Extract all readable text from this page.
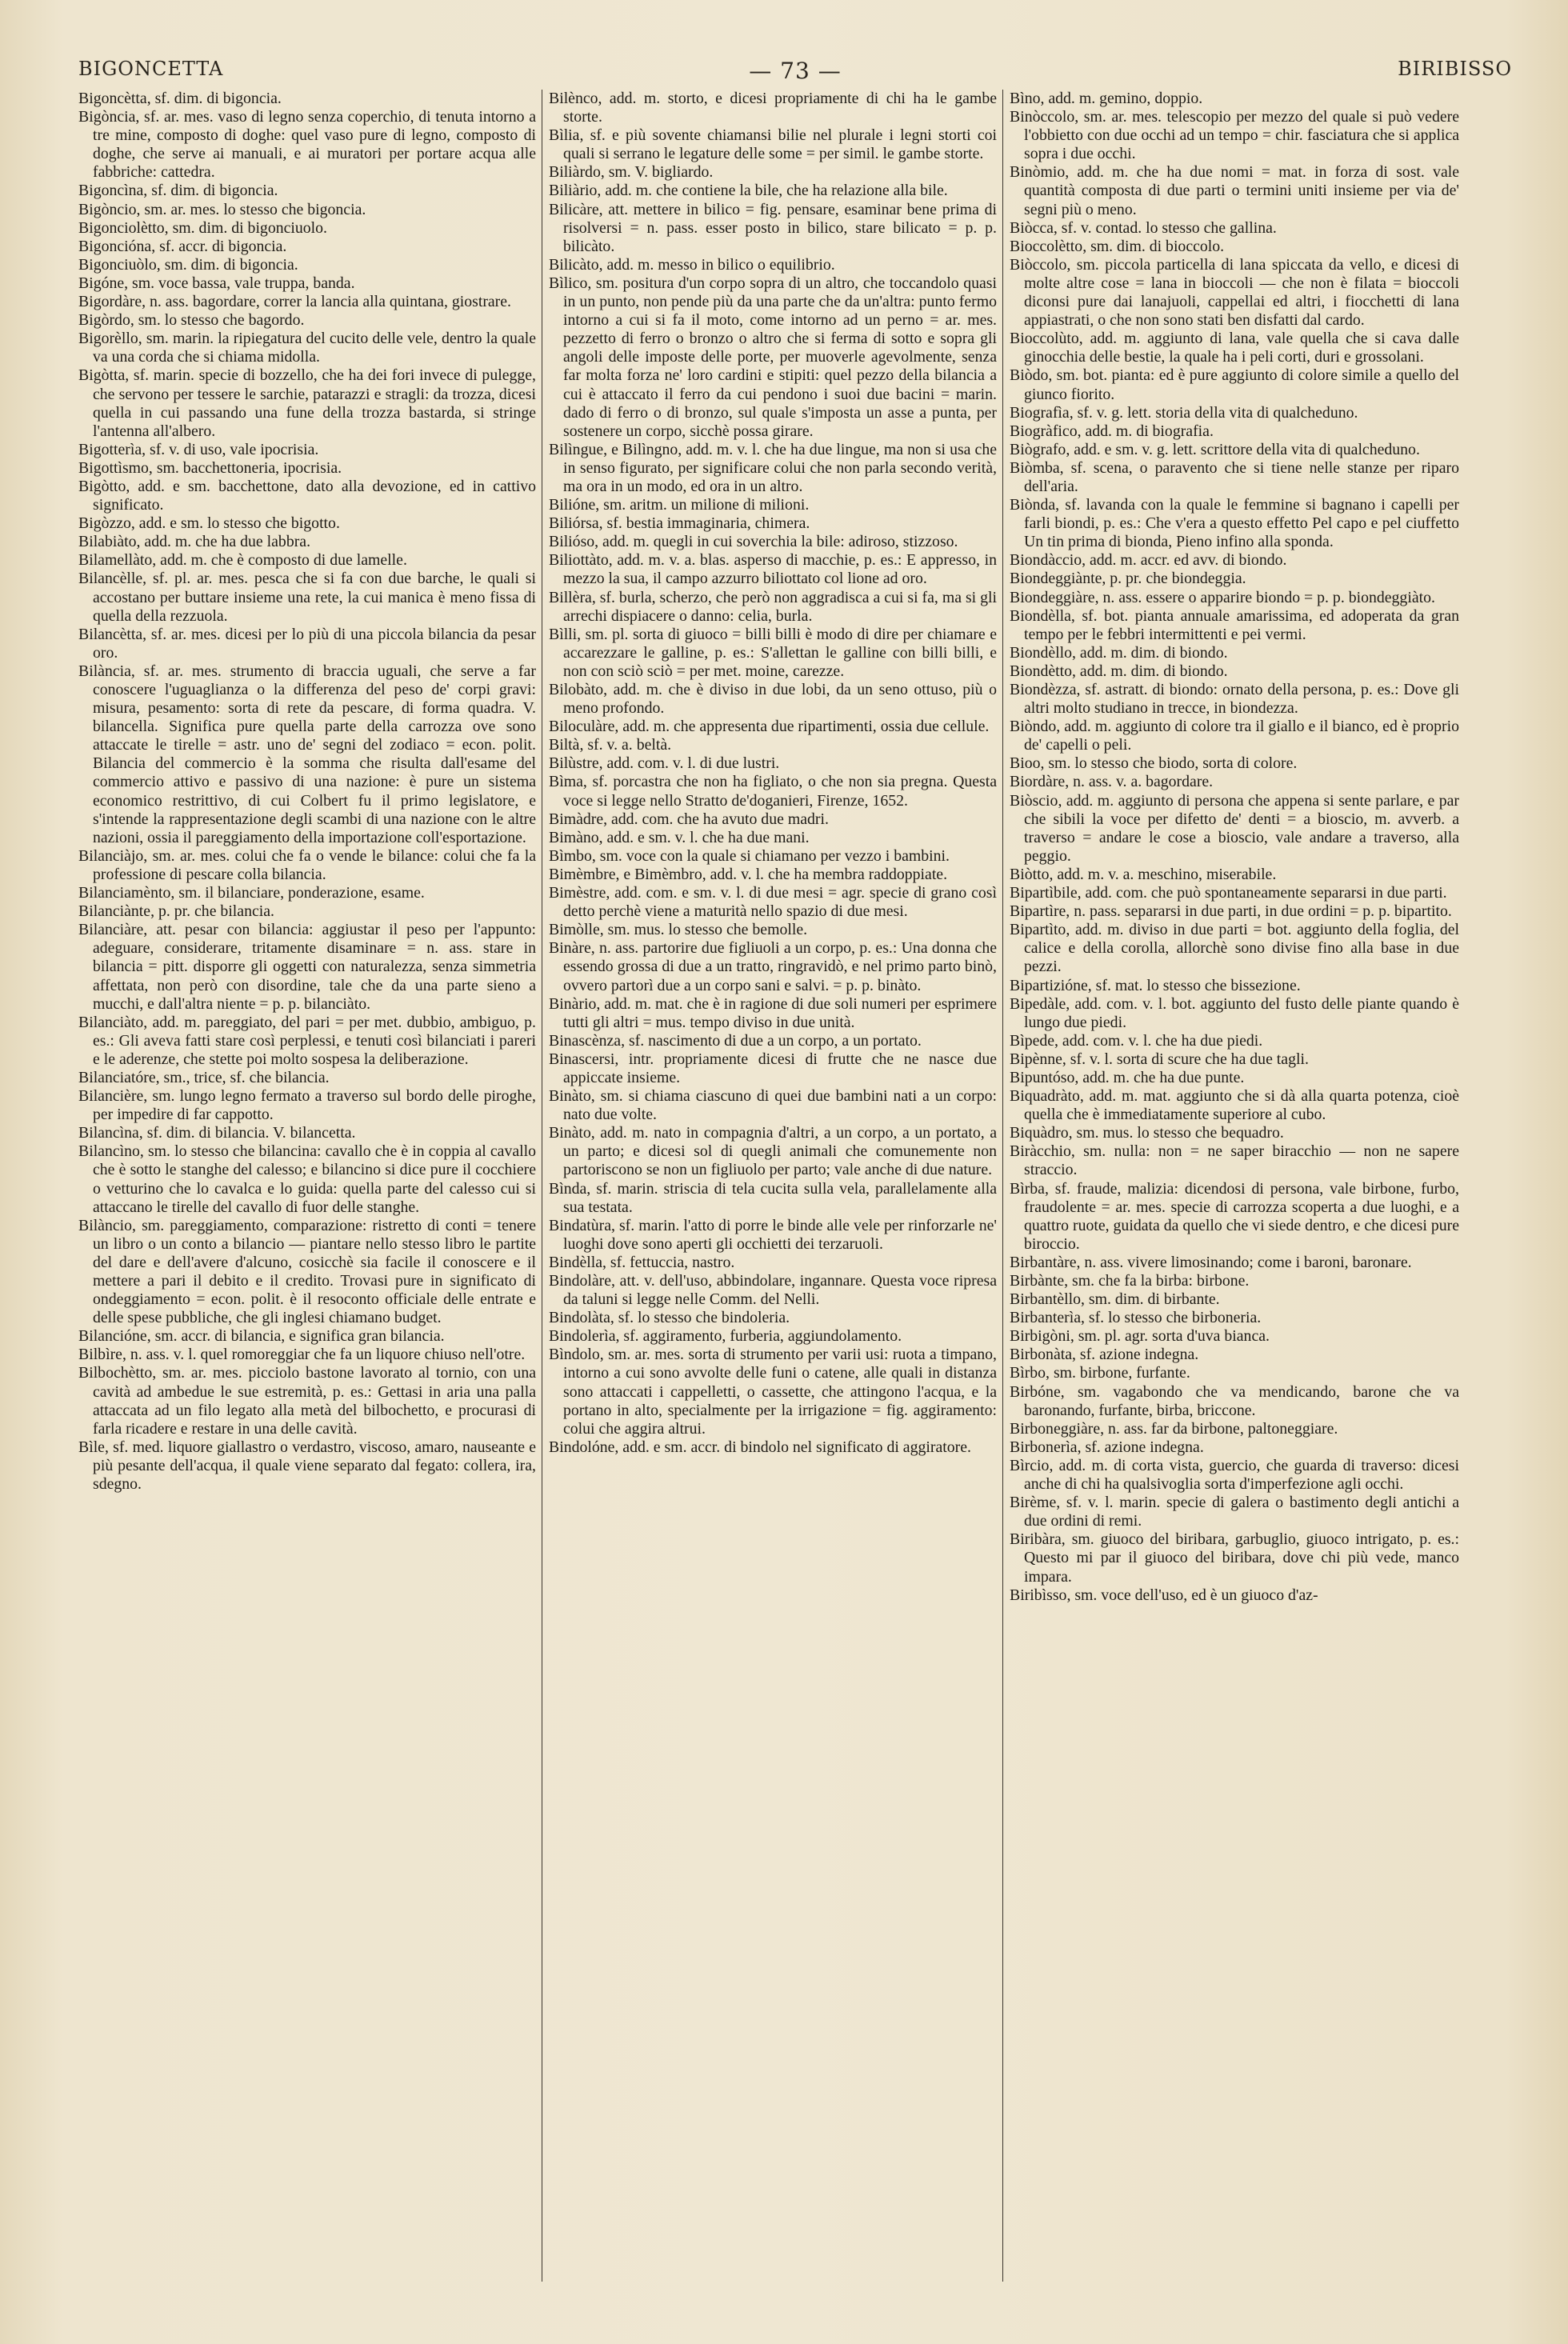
BIGONCETTA	— 73 —	BIRIBISSO

Bigoncètta, sf. dim. di bigoncia.

Bigòncia, sf. ar. mes. vaso di legno senza coperchio, di tenuta intorno a tre mine, composto di doghe: quel vaso pure di legno, composto di doghe, che serve ai manuali, e ai muratori per portare acqua alle fabbriche: cattedra.

Bigoncìna, sf. dim. di bigoncia.

Bigòncio, sm. ar. mes. lo stesso che bigoncia.

Bigonciolètto, sm. dim. di bigonciuolo.

Bigoncióna, sf. accr. di bigoncia.

Bigonciuòlo, sm. dim. di bigoncia.

Bigóne, sm. voce bassa, vale truppa, banda.

Bigordàre, n. ass. bagordare, correr la lancia alla quintana, giostrare.

Bigòrdo, sm. lo stesso che bagordo.

Bigorèllo, sm. marin. la ripiegatura del cucito delle vele, dentro la quale va una corda che si chiama midolla.

Bigòtta, sf. marin. specie di bozzello, che ha dei fori invece di pulegge, che servono per tessere le sarchie, patarazzi e stragli: da trozza, dicesi quella in cui passando una fune della trozza bastarda, si stringe l'antenna all'albero.

Bigotterìa, sf. v. di uso, vale ipocrisia.

Bigottìsmo, sm. bacchettoneria, ipocrisia.

Bigòtto, add. e sm. bacchettone, dato alla devozione, ed in cattivo significato.

Bigòzzo, add. e sm. lo stesso che bigotto.

Bilabiàto, add. m. che ha due labbra.

Bilamellàto, add. m. che è composto di due lamelle.

Bilancèlle, sf. pl. ar. mes. pesca che si fa con due barche, le quali si accostano per buttare insieme una rete, la cui manica è meno fissa di quella della rezzuola.

Bilancètta, sf. ar. mes. dicesi per lo più di una piccola bilancia da pesar oro.

Bilància, sf. ar. mes. strumento di braccia uguali, che serve a far conoscere l'uguaglianza o la differenza del peso de' corpi gravi: misura, pesamento: sorta di rete da pescare, di forma quadra. V. bilancella. Significa pure quella parte della carrozza ove sono attaccate le tirelle = astr. uno de' segni del zodiaco = econ. polit. Bilancia del commercio è la somma che risulta dall'esame del commercio attivo e passivo di una nazione: è pure un sistema economico restrittivo, di cui Colbert fu il primo legislatore, e s'intende la rappresentazione degli scambi di una nazione con le altre nazioni, ossia il pareggiamento della importazione coll'esportazione.

Bilanciàjo, sm. ar. mes. colui che fa o vende le bilance: colui che fa la professione di pescare colla bilancia.

Bilanciamènto, sm. il bilanciare, ponderazione, esame.

Bilanciànte, p. pr. che bilancia.

Bilanciàre, att. pesar con bilancia: aggiustar il peso per l'appunto: adeguare, considerare, tritamente disaminare = n. ass. stare in bilancia = pitt. disporre gli oggetti con naturalezza, senza simmetria affettata, non però con disordine, tale che da una parte sieno a mucchi, e dall'altra niente = p. p. bilanciàto.

Bilanciàto, add. m. pareggiato, del pari = per met. dubbio, ambiguo, p. es.: Gli aveva fatti stare così perplessi, e tenuti così bilanciati i pareri e le aderenze, che stette poi molto sospesa la deliberazione.

Bilanciatóre, sm., trice, sf. che bilancia.

Bilancière, sm. lungo legno fermato a traverso sul bordo delle piroghe, per impedire di far cappotto.

Bilancìna, sf. dim. di bilancia. V. bilancetta.

Bilancìno, sm. lo stesso che bilancina: cavallo che è in coppia al cavallo che è sotto le stanghe del calesso; e bilancino si dice pure il cocchiere o vetturino che lo cavalca e lo guida: quella parte del calesso cui si attaccano le tirelle del cavallo di fuor delle stanghe.

Bilàncio, sm. pareggiamento, comparazione: ristretto di conti = tenere un libro o un conto a bilancio — piantare nello stesso libro le partite del dare e dell'avere d'alcuno, cosicchè sia facile il conoscere e il mettere a pari il debito e il credito. Trovasi pure in significato di ondeggiamento = econ. polit. è il resoconto officiale delle entrate e delle spese pubbliche, che gli inglesi chiamano budget.

Bilancióne, sm. accr. di bilancia, e significa gran bilancia.

Bilbìre, n. ass. v. l. quel romoreggiar che fa un liquore chiuso nell'otre.

Bilbochètto, sm. ar. mes. picciolo bastone lavorato al tornio, con una cavità ad ambedue le sue estremità, p. es.: Gettasi in aria una palla attaccata ad un filo legato alla metà del bilbochetto, e procurasi di farla ricadere e restare in una delle cavità.

Bìle, sf. med. liquore giallastro o verdastro, viscoso, amaro, nauseante e più pesante dell'acqua, il quale viene separato dal fegato: collera, ira, sdegno.

Bilènco, add. m. storto, e dicesi propriamente di chi ha le gambe storte.

Bìlia, sf. e più sovente chiamansi bilie nel plurale i legni storti coi quali si serrano le legature delle some = per simil. le gambe storte.

Biliàrdo, sm. V. bigliardo.

Biliàrio, add. m. che contiene la bile, che ha relazione alla bile.

Bilicàre, att. mettere in bilico = fig. pensare, esaminar bene prima di risolversi = n. pass. esser posto in bilico, stare bilicato = p. p. bilicàto.

Bilicàto, add. m. messo in bilico o equilibrio.

Bìlico, sm. positura d'un corpo sopra di un altro, che toccandolo quasi in un punto, non pende più da una parte che da un'altra: punto fermo intorno a cui si fa il moto, come intorno ad un perno = ar. mes. pezzetto di ferro o bronzo o altro che si ferma di sotto e sopra gli angoli delle imposte delle porte, per muoverle agevolmente, senza far molta forza ne' loro cardini e stipiti: quel pezzo della bilancia a cui è attaccato il ferro da cui pendono i suoi due bacini = marin. dado di ferro o di bronzo, sul quale s'imposta un asse a punta, per sostenere un corpo, sicchè possa girare.

Bilìngue, e Bilìngno, add. m. v. l. che ha due lingue, ma non si usa che in senso figurato, per significare colui che non parla secondo verità, ma ora in un modo, ed ora in un altro.

Bilióne, sm. aritm. un milione di milioni.

Biliórsa, sf. bestia immaginaria, chimera.

Bilióso, add. m. quegli in cui soverchia la bile: adiroso, stizzoso.

Biliottàto, add. m. v. a. blas. asperso di macchie, p. es.: E appresso, in mezzo la sua, il campo azzurro biliottato col lione ad oro.

Billèra, sf. burla, scherzo, che però non aggradisca a cui si fa, ma si gli arrechi dispiacere o danno: celia, burla.

Bìlli, sm. pl. sorta di giuoco = billi billi è modo di dire per chiamare e accarezzare le galline, p. es.: S'allettan le galline con billi billi, e non con sciò sciò = per met. moine, carezze.

Bilobàto, add. m. che è diviso in due lobi, da un seno ottuso, più o meno profondo.

Biloculàre, add. m. che appresenta due ripartimenti, ossia due cellule.

Biltà, sf. v. a. beltà.

Bilùstre, add. com. v. l. di due lustri.

Bìma, sf. porcastra che non ha figliato, o che non sia pregna. Questa voce si legge nello Stratto de'doganieri, Firenze, 1652.

Bimàdre, add. com. che ha avuto due madri.

Bimàno, add. e sm. v. l. che ha due mani.

Bìmbo, sm. voce con la quale si chiamano per vezzo i bambini.

Bimèmbre, e Bimèmbro, add. v. l. che ha membra raddoppiate.

Bimèstre, add. com. e sm. v. l. di due mesi = agr. specie di grano così detto perchè viene a maturità nello spazio di due mesi.

Bimòlle, sm. mus. lo stesso che bemolle.

Binàre, n. ass. partorire due figliuoli a un corpo, p. es.: Una donna che essendo grossa di due a un tratto, ringravidò, e nel primo parto binò, ovvero partorì due a un corpo sani e salvi. = p. p. binàto.

Binàrio, add. m. mat. che è in ragione di due soli numeri per esprimere tutti gli altri = mus. tempo diviso in due unità.

Binascènza, sf. nascimento di due a un corpo, a un portato.

Binascersi, intr. propriamente dicesi di frutte che ne nasce due appiccate insieme.

Binàto, sm. si chiama ciascuno di quei due bambini nati a un corpo: nato due volte.

Binàto, add. m. nato in compagnia d'altri, a un corpo, a un portato, a un parto; e dicesi sol di quegli animali che comunemente non partoriscono se non un figliuolo per parto; vale anche di due nature.

Bìnda, sf. marin. striscia di tela cucita sulla vela, parallelamente alla sua testata.

Bindatùra, sf. marin. l'atto di porre le binde alle vele per rinforzarle ne' luoghi dove sono aperti gli occhietti dei terzaruoli.

Bindèlla, sf. fettuccia, nastro.

Bindolàre, att. v. dell'uso, abbindolare, ingannare. Questa voce ripresa da taluni si legge nelle Comm. del Nelli.

Bindolàta, sf. lo stesso che bindoleria.

Bindolerìa, sf. aggiramento, furberia, aggiundolamento.

Bìndolo, sm. ar. mes. sorta di strumento per varii usi: ruota a timpano, intorno a cui sono avvolte delle funi o catene, alle quali in distanza sono attaccati i cappelletti, o cassette, che attingono l'acqua, e la portano in alto, specialmente per la irrigazione = fig. aggiramento: colui che aggira altrui.

Bindolóne, add. e sm. accr. di bindolo nel significato di aggiratore.

Bìno, add. m. gemino, doppio.

Binòccolo, sm. ar. mes. telescopio per mezzo del quale si può vedere l'obbietto con due occhi ad un tempo = chir. fasciatura che si applica sopra i due occhi.

Binòmio, add. m. che ha due nomi = mat. in forza di sost. vale quantità composta di due parti o termini uniti insieme per via de' segni più o meno.

Biòcca, sf. v. contad. lo stesso che gallina.

Bioccolètto, sm. dim. di bioccolo.

Biòccolo, sm. piccola particella di lana spiccata da vello, e dicesi di molte altre cose = lana in bioccoli — che non è filata = bioccoli diconsi pure dai lanajuoli, cappellai ed altri, i fiocchetti di lana appiastrati, o che non sono stati ben disfatti dal cardo.

Bioccolùto, add. m. aggiunto di lana, vale quella che si cava dalle ginocchia delle bestie, la quale ha i peli corti, duri e grossolani.

Biòdo, sm. bot. pianta: ed è pure aggiunto di colore simile a quello del giunco fiorito.

Biografìa, sf. v. g. lett. storia della vita di qualcheduno.

Biogràfico, add. m. di biografia.

Biògrafo, add. e sm. v. g. lett. scrittore della vita di qualcheduno.

Biòmba, sf. scena, o paravento che si tiene nelle stanze per riparo dell'aria.

Biònda, sf. lavanda con la quale le femmine si bagnano i capelli per farli biondi, p. es.: Che v'era a questo effetto Pel capo e pel ciuffetto Un tin prima di bionda, Pieno infino alla sponda.

Biondàccio, add. m. accr. ed avv. di biondo.

Biondeggiànte, p. pr. che biondeggia.

Biondeggiàre, n. ass. essere o apparire biondo = p. p. biondeggiàto.

Biondèlla, sf. bot. pianta annuale amarissima, ed adoperata da gran tempo per le febbri intermittenti e pei vermi.

Biondèllo, add. m. dim. di biondo.

Biondètto, add. m. dim. di biondo.

Biondèzza, sf. astratt. di biondo: ornato della persona, p. es.: Dove gli altri molto studiano in trecce, in biondezza.

Biòndo, add. m. aggiunto di colore tra il giallo e il bianco, ed è proprio de' capelli o peli.

Bioo, sm. lo stesso che biodo, sorta di colore.

Biordàre, n. ass. v. a. bagordare.

Biòscio, add. m. aggiunto di persona che appena si sente parlare, e par che sibili la voce per difetto de' denti = a bioscio, m. avverb. a traverso = andare le cose a bioscio, vale andare a traverso, alla peggio.

Biòtto, add. m. v. a. meschino, miserabile.

Bipartìbile, add. com. che può spontaneamente separarsi in due parti.

Bipartìre, n. pass. separarsi in due parti, in due ordini = p. p. bipartito.

Bipartìto, add. m. diviso in due parti = bot. aggiunto della foglia, del calice e della corolla, allorchè sono divise fino alla base in due pezzi.

Bipartizióne, sf. mat. lo stesso che bissezione.

Bipedàle, add. com. v. l. bot. aggiunto del fusto delle piante quando è lungo due piedi.

Bìpede, add. com. v. l. che ha due piedi.

Bipènne, sf. v. l. sorta di scure che ha due tagli.

Bipuntóso, add. m. che ha due punte.

Biquadràto, add. m. mat. aggiunto che si dà alla quarta potenza, cioè quella che è immediatamente superiore al cubo.

Biquàdro, sm. mus. lo stesso che bequadro.

Biràcchio, sm. nulla: non = ne saper biracchio — non ne sapere straccio.

Bìrba, sf. fraude, malizia: dicendosi di persona, vale birbone, furbo, fraudolente = ar. mes. specie di carrozza scoperta a due luoghi, e a quattro ruote, guidata da quello che vi siede dentro, e che dicesi pure biroccio.

Birbantàre, n. ass. vivere limosinando; come i baroni, baronare.

Birbànte, sm. che fa la birba: birbone.

Birbantèllo, sm. dim. di birbante.

Birbanterìa, sf. lo stesso che birboneria.

Birbigòni, sm. pl. agr. sorta d'uva bianca.

Birbonàta, sf. azione indegna.

Bìrbo, sm. birbone, furfante.

Birbóne, sm. vagabondo che va mendicando, barone che va baronando, furfante, birba, briccone.

Birboneggiàre, n. ass. far da birbone, paltoneggiare.

Birbonerìa, sf. azione indegna.

Bìrcio, add. m. di corta vista, guercio, che guarda di traverso: dicesi anche di chi ha qualsivoglia sorta d'imperfezione agli occhi.

Birème, sf. v. l. marin. specie di galera o bastimento degli antichi a due ordini di remi.

Biribàra, sm. giuoco del biribara, garbuglio, giuoco intrigato, p. es.: Questo mi par il giuoco del biribara, dove chi più vede, manco impara.

Biribìsso, sm. voce dell'uso, ed è un giuoco d'az-
